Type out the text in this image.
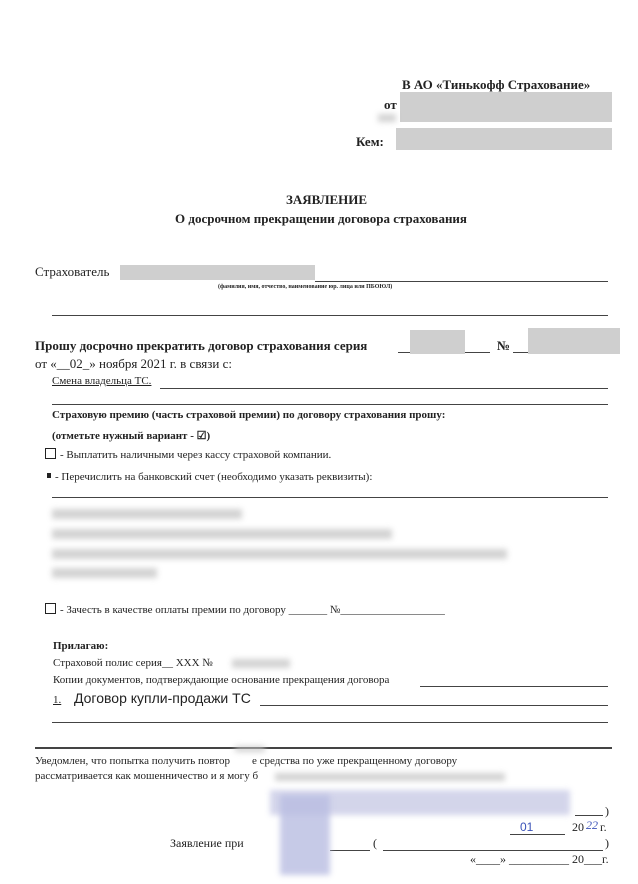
В АО «Тинькофф Страхование»
от
Кем:
ЗАЯВЛЕНИЕ
О досрочном прекращении договора страхования
Страхователь
(фамилия, имя, отчество, наименование юр. лица или ПБОЮЛ)
Прошу досрочно прекратить договор страхования серия	№
от «__02_» ноября 2021 г. в связи с:
Смена владельца ТС.
Страховую премию (часть страховой премии) по договору страхования прошу:
(отметьте нужный вариант - ☑)
- Выплатить наличными через кассу страховой компании.
- Перечислить на банковский счет (необходимо указать реквизиты):
- Зачесть в качестве оплаты премии по договору _______ №___________________
Прилагаю:
Страховой полис серия__ XXX №
Копии документов, подтверждающие основание прекращения договора
1. Договор купли-продажи ТС
Уведомлен, что попытка получить повтор        е средства по уже прекращенному договору
рассматривается как мошенничество и я могу б
)
01	20 22 г.
Заявление при	(	)
«____» __________ 20___г.
